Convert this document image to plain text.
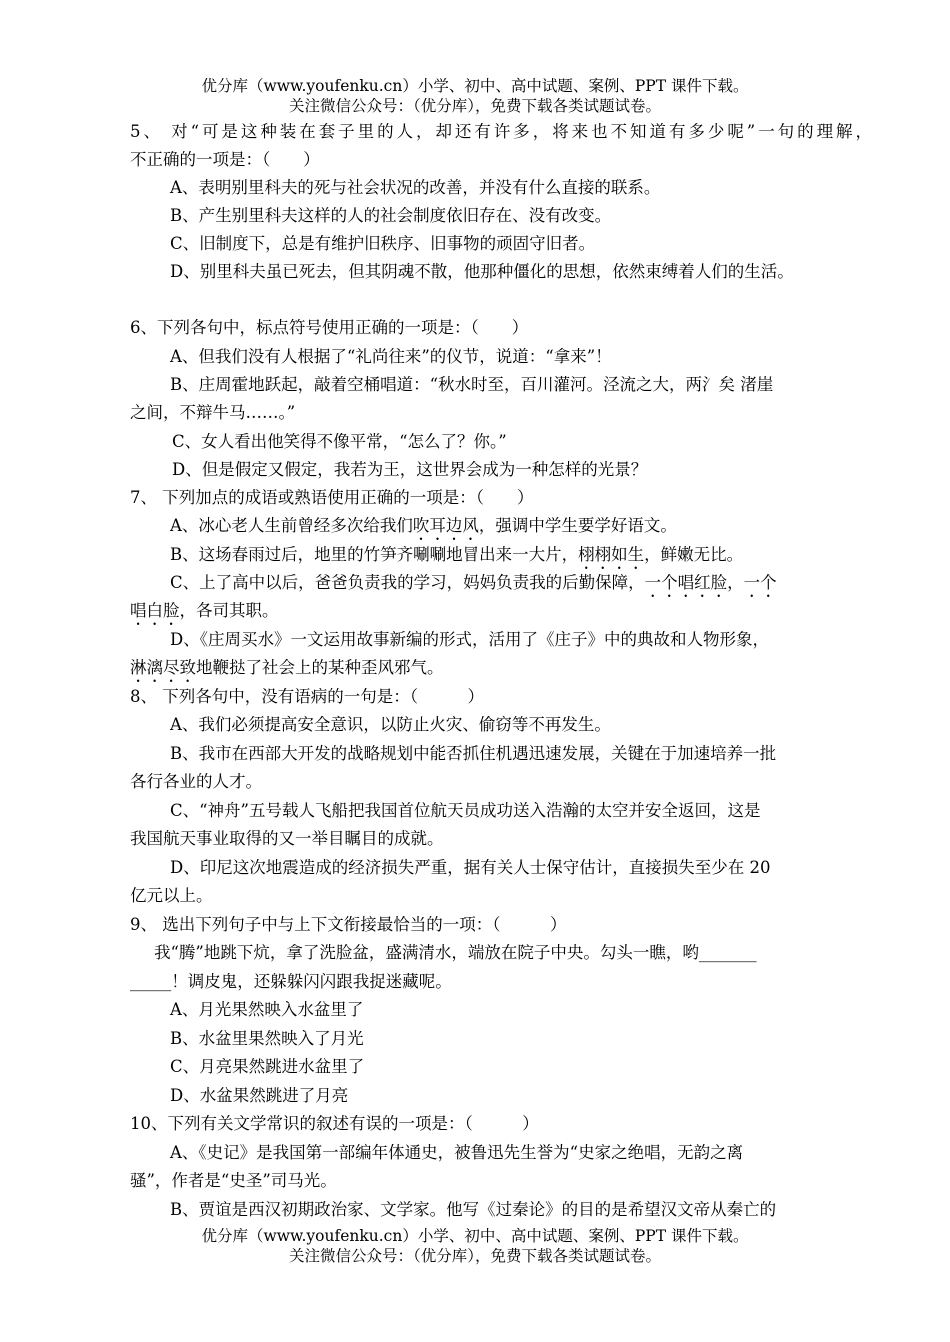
优分库（www.youfenku.cn）小学、初中、高中试题、案例、PPT 课件下载。
关注微信公众号：（优分库），免费下载各类试题试卷。
5、 对“可是这种装在套子里的人，却还有许多，将来也不知道有多少呢”一句的理解，
不正确的一项是：（　　）
A、表明别里科夫的死与社会状况的改善，并没有什么直接的联系。
B、产生别里科夫这样的人的社会制度依旧存在、没有改变。
C、旧制度下，总是有维护旧秩序、旧事物的顽固守旧者。
D、别里科夫虽已死去，但其阴魂不散，他那种僵化的思想，依然束缚着人们的生活。
6、下列各句中，标点符号使用正确的一项是：（　　）
A、但我们没有人根据了“礼尚往来”的仪节，说道：“拿来”！
B、庄周霍地跃起，敲着空桶唱道：“秋水时至，百川灌河。泾流之大，两氵矣 渚崖
之间，不辩牛马……。”
C、女人看出他笑得不像平常，“怎么了？你。”
D、但是假定又假定，我若为王，这世界会成为一种怎样的光景？
7、 下列加点的成语或熟语使用正确的一项是：（　　）
A、冰心老人生前曾经多次给我们吹耳边风，强调中学生要学好语文。
B、这场春雨过后，地里的竹笋齐唰唰地冒出来一大片，栩栩如生，鲜嫩无比。
C、上了高中以后，爸爸负责我的学习，妈妈负责我的后勤保障，一个唱红脸，一个
唱白脸，各司其职。
D、《庄周买水》一文运用故事新编的形式，活用了《庄子》中的典故和人物形象，
淋漓尽致地鞭挞了社会上的某种歪风邪气。
8、 下列各句中，没有语病的一句是：（　　　）
A、我们必须提高安全意识，以防止火灾、偷窃等不再发生。
B、我市在西部大开发的战略规划中能否抓住机遇迅速发展，关键在于加速培养一批
各行各业的人才。
C、“神舟”五号载人飞船把我国首位航天员成功送入浩瀚的太空并安全返回，这是
我国航天事业取得的又一举目瞩目的成就。
D、印尼这次地震造成的经济损失严重，据有关人士保守估计，直接损失至少在 20
亿元以上。
9、 选出下列句子中与上下文衔接最恰当的一项：（　　　）
我“腾”地跳下炕，拿了洗脸盆，盛满清水，端放在院子中央。勾头一瞧，哟_______
_____！调皮鬼，还躲躲闪闪跟我捉迷藏呢。
A、月光果然映入水盆里了
B、水盆里果然映入了月光
C、月亮果然跳进水盆里了
D、水盆果然跳进了月亮
10、下列有关文学常识的叙述有误的一项是：（　　　）
A、《史记》是我国第一部编年体通史，被鲁迅先生誉为“史家之绝唱，无韵之离
骚”，作者是“史圣”司马光。
B、贾谊是西汉初期政治家、文学家。他写《过秦论》的目的是希望汉文帝从秦亡的
优分库（www.youfenku.cn）小学、初中、高中试题、案例、PPT 课件下载。
关注微信公众号：（优分库），免费下载各类试题试卷。
